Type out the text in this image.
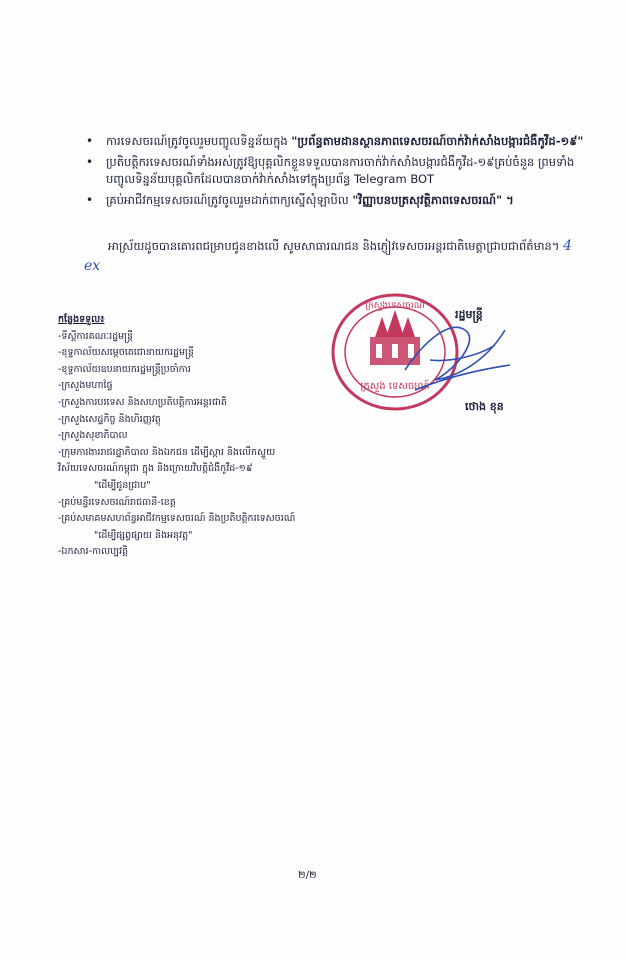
• ការទេសចរណ៍ត្រូវចូលរួមបញ្ចូលទិន្នន័យក្នុង "ប្រព័ន្ធតាមដានស្ថានភាពទេសចរណ៍ចាក់វ៉ាក់សាំងបង្ការជំងឺកូវីដ-១៩"
• ប្រតិបត្តិករទេសចរណ៍ទាំងអស់ត្រូវឱ្យបុគ្គលិកខ្លួនទទួលបានការចាក់វ៉ាក់សាំងបង្ការជំងឺកូវីដ-១៩គ្រប់ចំនួន ព្រមទាំងបញ្ចូលទិន្នន័យបុគ្គលិកដែលបានចាក់វ៉ាក់សាំងទៅក្នុងប្រព័ន្ធ Telegram BOT
• គ្រប់អាជីវកម្មទេសចរណ៍ត្រូវចូលរួមដាក់ពាក្យស្នើសុំឡាបិល "វិញ្ញាបនបត្រសុវត្ថិភាពទេសចរណ៍" ។
អាស្រ័យដូចបានគោរពជម្រាបជូនខាងលើ សូមសាធារណជន និងភ្ញៀវទេសចរអន្តរជាតិមេត្តាជ្រាបជាព័ត៌មាន។ 4 ex
កន្លែងទទួល៖
-ទីស្តីការគណៈរដ្ឋមន្ត្រី
-ខុទ្ទកាល័យសម្តេចតេជោនាយករដ្ឋមន្ត្រី
-ខុទ្ទកាល័យឧបនាយករដ្ឋមន្ត្រីប្រចាំការ
-ក្រសួងមហាផ្ទៃ
-ក្រសួងការបរទេស និងសហប្រតិបត្តិការអន្តរជាតិ
-ក្រសួងសេដ្ឋកិច្ច និងហិរញ្ញវត្ថុ
-ក្រសួងសុខាភិបាល
-ក្រុមការងាររាជរដ្ឋាភិបាល និងឯកជន ដើម្បីស្តារ និងលើកស្ទួយ
វិស័យទេសចរណ៍កម្ពុជា ក្នុង និងក្រោយវិបត្តិជំងឺកូវីដ-១៩
"ដើម្បីជូនជ្រាប"
-គ្រប់មន្ទីរទេសចរណ៍រាជធានី-ខេត្ត
-គ្រប់សមាគមសហព័ន្ធអាជីវកម្មទេសចរណ៍ និងប្រតិបត្តិករទេសចរណ៍
"ដើម្បីផ្សព្វផ្សាយ និងអនុវត្ត"
-ឯកសារ-កាលប្បវត្តិ
ក្រសួង ទេសចរណ៍
ក្រសួងទេសចរណ៍
រដ្ឋមន្ត្រី
ថោង ខុន
២/២
